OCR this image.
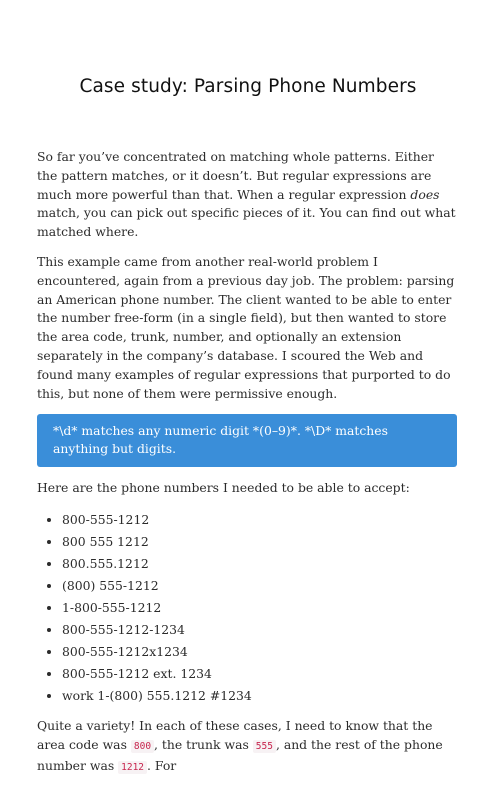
Case study: Parsing Phone Numbers

So far you’ve concentrated on matching whole patterns. Either the pattern matches, or it doesn’t. But regular expressions are much more powerful than that. When a regular expression does match, you can pick out specific pieces of it. You can find out what matched where.

This example came from another real-world problem I encountered, again from a previous day job. The problem: parsing an American phone number. The client wanted to be able to enter the number free-form (in a single field), but then wanted to store the area code, trunk, number, and optionally an extension separately in the company’s database. I scoured the Web and found many examples of regular expressions that purported to do this, but none of them were permissive enough.

*\d* matches any numeric digit *(0–9)*. *\D* matches anything but digits.

Here are the phone numbers I needed to be able to accept:

• 800-555-1212
• 800 555 1212
• 800.555.1212
• (800) 555-1212
• 1-800-555-1212
• 800-555-1212-1234
• 800-555-1212x1234
• 800-555-1212 ext. 1234
• work 1-(800) 555.1212 #1234

Quite a variety! In each of these cases, I need to know that the area code was 800 , the trunk was 555 , and the rest of the phone number was 1212 . For
